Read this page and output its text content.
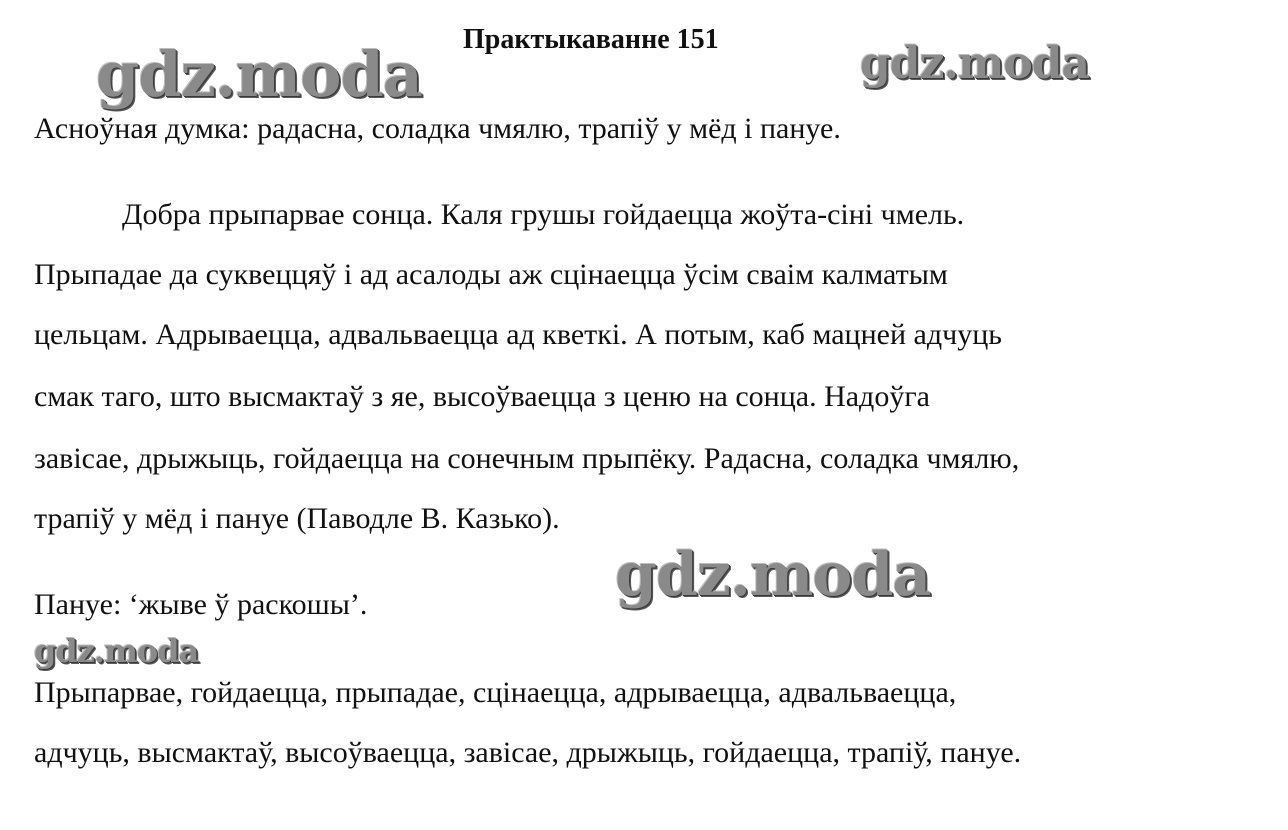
gdz.moda	gdz.moda
Практыкаванне 151
Асноўная думка: радасна, соладка чмялю, трапіў у мёд і пануе.
Добра прыпарвае сонца. Каля грушы гойдаецца жоўта-сіні чмель.
Прыпадае да суквеццяў і ад асалоды аж сцінаецца ўсім сваім калматым
цельцам. Адрываецца, адвальваецца ад кветкі. А потым, каб мацней адчуць
смак таго, што высмактаў з яе, высоўваецца з ценю на сонца. Надоўга
завісае, дрыжыць, гойдаецца на сонечным прыпёку. Радасна, соладка чмялю,
трапіў у мёд і пануе (Паводле В. Казько).
gdz.moda
Пануе: ‘жыве ў раскошы’.
gdz.moda
Прыпарвае, гойдаецца, прыпадае, сцінаецца, адрываецца, адвальваецца,
адчуць, высмактаў, высоўваецца, завісае, дрыжыць, гойдаецца, трапіў, пануе.
